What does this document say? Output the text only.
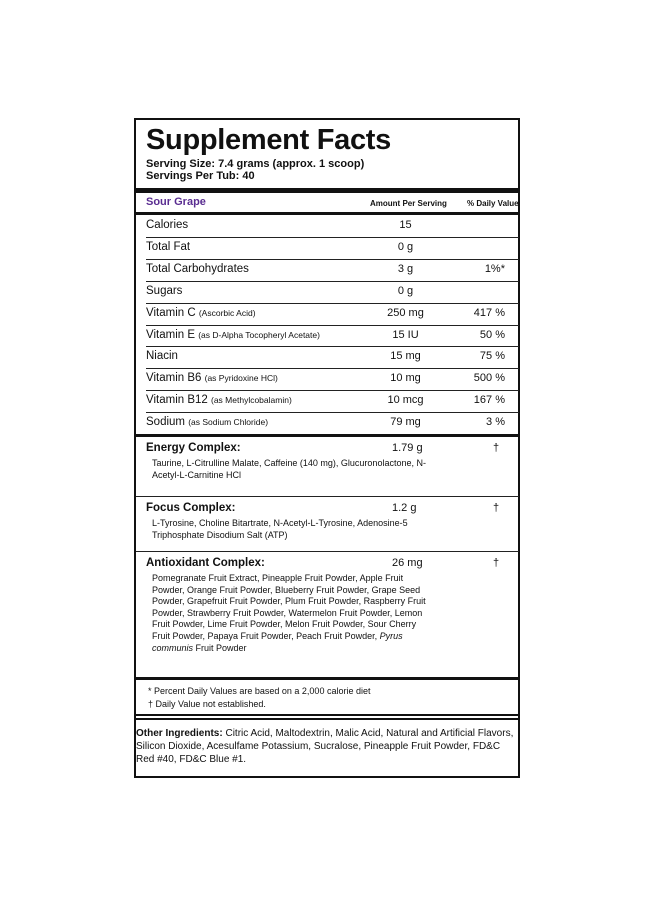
Supplement Facts
Serving Size: 7.4 grams (approx. 1 scoop)
Servings Per Tub: 40
Sour Grape	Amount Per Serving	% Daily Value
Calories	15
Total Fat	0 g
Total Carbohydrates	3 g	1%*
Sugars	0 g
Vitamin C (Ascorbic Acid)	250 mg	417 %
Vitamin E (as D-Alpha Tocopheryl Acetate)	15 IU	50 %
Niacin	15 mg	75 %
Vitamin B6 (as Pyridoxine HCl)	10 mg	500 %
Vitamin B12 (as Methylcobalamin)	10 mcg	167 %
Sodium (as Sodium Chloride)	79 mg	3 %
Energy Complex:	1.79 g	†
Taurine, L-Citrulline Malate, Caffeine (140 mg), Glucuronolactone, N-Acetyl-L-Carnitine HCl
Focus Complex:	1.2 g	†
L-Tyrosine, Choline Bitartrate, N-Acetyl-L-Tyrosine, Adenosine-5 Triphosphate Disodium Salt (ATP)
Antioxidant Complex:	26 mg	†
Pomegranate Fruit Extract, Pineapple Fruit Powder, Apple Fruit Powder, Orange Fruit Powder, Blueberry Fruit Powder, Grape Seed Powder, Grapefruit Fruit Powder, Plum Fruit Powder, Raspberry Fruit Powder, Strawberry Fruit Powder, Watermelon Fruit Powder, Lemon Fruit Powder, Lime Fruit Powder, Melon Fruit Powder, Sour Cherry Fruit Powder, Papaya Fruit Powder, Peach Fruit Powder, Pyrus communis Fruit Powder
* Percent Daily Values are based on a 2,000 calorie diet
† Daily Value not established.
Other Ingredients: Citric Acid, Maltodextrin, Malic Acid, Natural and Artificial Flavors, Silicon Dioxide, Acesulfame Potassium, Sucralose, Pineapple Fruit Powder, FD&C Red #40, FD&C Blue #1.
